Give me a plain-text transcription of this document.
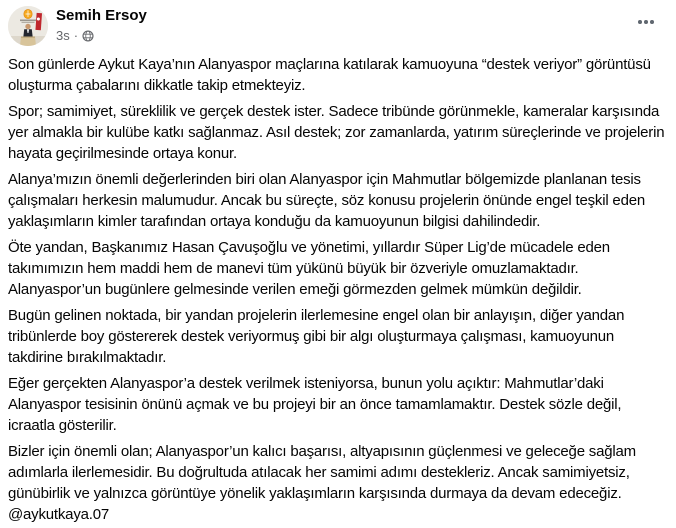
Semih Ersoy
3s ·

Son günlerde Aykut Kaya’nın Alanyaspor maçlarına katılarak kamuoyuna “destek veriyor” görüntüsü oluşturma çabalarını dikkatle takip etmekteyiz.

Spor; samimiyet, süreklilik ve gerçek destek ister. Sadece tribünde görünmekle, kameralar karşısında yer almakla bir kulübe katkı sağlanmaz. Asıl destek; zor zamanlarda, yatırım süreçlerinde ve projelerin hayata geçirilmesinde ortaya konur.

Alanya’mızın önemli değerlerinden biri olan Alanyaspor için Mahmutlar bölgemizde planlanan tesis çalışmaları herkesin malumudur. Ancak bu süreçte, söz konusu projelerin önünde engel teşkil eden yaklaşımların kimler tarafından ortaya konduğu da kamuoyunun bilgisi dahilindedir.

Öte yandan, Başkanımız Hasan Çavuşoğlu ve yönetimi, yıllardır Süper Lig’de mücadele eden takımımızın hem maddi hem de manevi tüm yükünü büyük bir özveriyle omuzlamaktadır. Alanyaspor’un bugünlere gelmesinde verilen emeği görmezden gelmek mümkün değildir.

Bugün gelinen noktada, bir yandan projelerin ilerlemesine engel olan bir anlayışın, diğer yandan tribünlerde boy göstererek destek veriyormuş gibi bir algı oluşturmaya çalışması, kamuoyunun takdirine bırakılmaktadır.

Eğer gerçekten Alanyaspor’a destek verilmek isteniyorsa, bunun yolu açıktır: Mahmutlar’daki Alanyaspor tesisinin önünü açmak ve bu projeyi bir an önce tamamlamaktır. Destek sözle değil, icraatla gösterilir.

Bizler için önemli olan; Alanyaspor’un kalıcı başarısı, altyapısının güçlenmesi ve geleceğe sağlam adımlarla ilerlemesidir. Bu doğrultuda atılacak her samimi adımı destekleriz. Ancak samimiyetsiz, günübirlik ve yalnızca görüntüye yönelik yaklaşımların karşısında durmaya da devam edeceğiz.

@aykutkaya.07
